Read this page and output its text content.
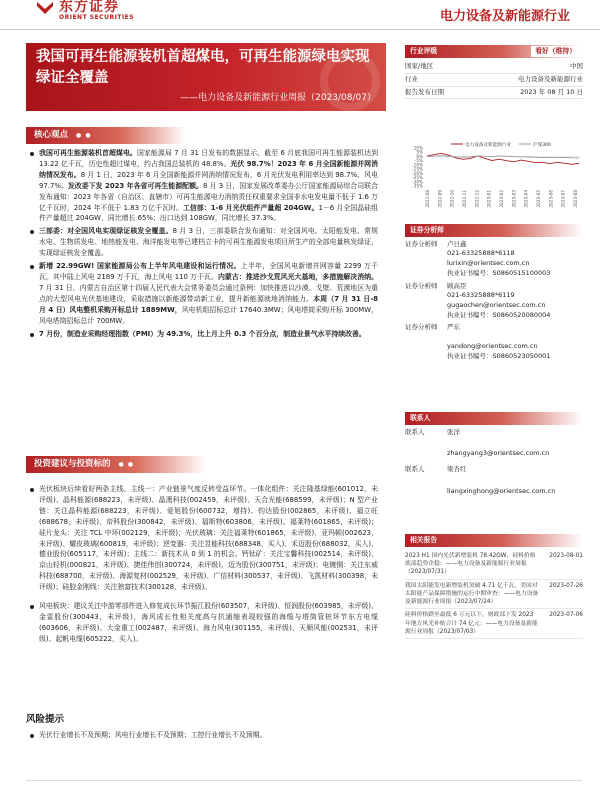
东方证券
ORIENT SECURITIES	电力设备及新能源行业
我国可再生能源装机首超煤电，可再生能源绿电实现绿证全覆盖
——电力设备及新能源行业周报（2023/08/07）
核心观点 ● ●
我国可再生能源装机首超煤电。国家能源局 7 月 31 日发布的数据显示，截至 6 月底我国可再生能源装机达到 13.22 亿千瓦，历史性超过煤电，约占我国总装机的 48.8%。光伏 98.7%！2023 年 6 月全国新能源并网消纳情况发布。8 月 1 日，2023 年 6 月全国新能源并网消纳情况发布，6 月光伏发电利用率达到 98.7%、风电 97.7%。发改委下发 2023 年各省可再生能源配额。8 月 3 日，国家发展改革委办公厅国家能源局综合司联合发布通知：2023 年各省（自治区、直辖市）可再生能源电力消纳责任权重要求全国非水电发电量不低于 1.6 万亿千瓦时，2024 年不低于 1.83 万亿千瓦时。工信部：1-6 月光伏组件产量超 204GW。1－6 月全国晶硅组件产量超过 204GW，同比增长 65%；出口达到 108GW，同比增长 37.3%。
三部委：对全国风电实现绿证核发全覆盖。8 月 3 日，三部委联合发布通知：对全国风电、太阳能发电、常规水电、生物质发电、地热能发电、海洋能发电等已建档立卡的可再生能源发电项目所生产的全部电量核发绿证，实现绿证核发全覆盖。
新增 22.99GW! 国家能源局公布上半年风电建设和运行情况。上半年，全国风电新增并网容量 2299 万千瓦。其中陆上风电 2189 万千瓦，海上风电 110 万千瓦。内蒙古：推进沙戈荒风光大基地，多措施解决消纳。7 月 31 日，内蒙古自治区第十四届人民代表大会常务委员会通过条例：加快推进以沙漠、戈壁、荒漠地区为重点的大型风电光伏基地建设，采取措施以新能源带动新工业，提升新能源就地消纳能力。本周（7 月 31 日-8 月 4 日）风电整机采购开标总计 1889MW，风电机组招标总计 17640.3MW；风电塔筒采购开标 300MW，风电塔筒招标总计 700MW。
7 月份，制造业采购经理指数（PMI）为 49.3%，比上月上升 0.3 个百分点，制造业景气水平持续改善。
投资建议与投资标的 ● ●
光伏板块后续看好两条主线。主线一：产业链景气度反转受益环节。一体化组件：关注隆基绿能(601012，未评级)、晶科能源(688223，未评级)、晶澳科技(002459，未评级)、天合光能(688599，未评级)；N 型产业链：关注晶科能源(688223，未评级)、爱旭股份(600732，增持)、钧达股份(002865，未评级)、福立旺(688678，未评级)、帝科股份(300842，未评级)、福斯特(603806，未评级)、福莱特(601865，未评级)；硅片龙头：关注 TCL 中环(002129，未评级)；光伏玻璃：关注福莱特(601865，未评级)、亚玛顿(002623，未评级)、耀皮玻璃(600819，未评级)；逆变器：关注昱能科技(688348，买入)、禾迈股份(688032，买入)、德业股份(605117，未评级)；主线二：新技术从 0 到 1 的机会。钙钛矿：关注宝馨科技(002514，未评级)、京山轻机(000821，未评级)、捷佳伟创(300724，未评级)、迈为股份(300751，未评级)；电镀铜：关注东威科技(688700，未评级)、海源复材(002529，未评级)、广信材料(300537，未评级)、飞凯材料(300398，未评级)；硅胶金刚线：关注独富技术(300128，未评级)。
风电板块：建议关注中游零部件进入修复成长环节振江股份(603507，未评级)、恒润股份(603985，未评级)、金雷股份(300443，未评级)，海风成长性相关度高与抗通缩表现较强的海缆与塔筒管桩环节东方电缆(603606，未评级)、大金重工(002487，未评级)、海力风电(301155，未评级)、天顺风能(002531，未评级)、起帆电缆(605222，买入)。
风险提示
光伏行业增长不及预期；风电行业增长不及预期；工控行业增长不及预期。
行业评级	看好（维持）
国家/地区	中国
行业	电力设备及新能源行业
报告发布日期	2023 年 08 月 10 日
电力设备及新能源行业	沪深300
10%
5%
0%
-5%
-10%
-15%
-20%
-25%
-30%
-35%
2022-08 2022-09 2022-10 2022-11 2022-12 2023-01 2023-02 2023-03 2023-04 2023-05 2023-06 2023-07 2023-08
证券分析师
证券分析师	卢日鑫
021-63325888*6118
lurixin@orientsec.com.cn
执业证书编号：S0860515100003
证券分析师	顾高臣
021-63325888*6119
gugaochen@orientsec.com.cn
执业证书编号：S0860520080004
证券分析师	严东
yandong@orientsec.com.cn
执业证书编号：S0860523050001
联系人
联系人	张洋
zhangyang3@orientsec.com.cn
联系人	梁杏红
liangxinghong@orientsec.com.cn
相关报告
2023 H1 国内光伏新增装机 78.42GW，硅料价格底部趋势企稳：——电力设备及新能源行业周报（2023/07/31）
2023-08-01
我国太阳能发电新增装机突破 4.71 亿千瓦，美国对太阳能产品保障措施的运行中期审查：——电力设备及新能源行业周报（2023/07/24）
2023-07-26
硅料价格跌至最低 6 万元以下，财政部下发 2023 年地方风光补贴合计 74 亿元：——电力设备及新能源行业周报（2023/07/03）
2023-07-06
